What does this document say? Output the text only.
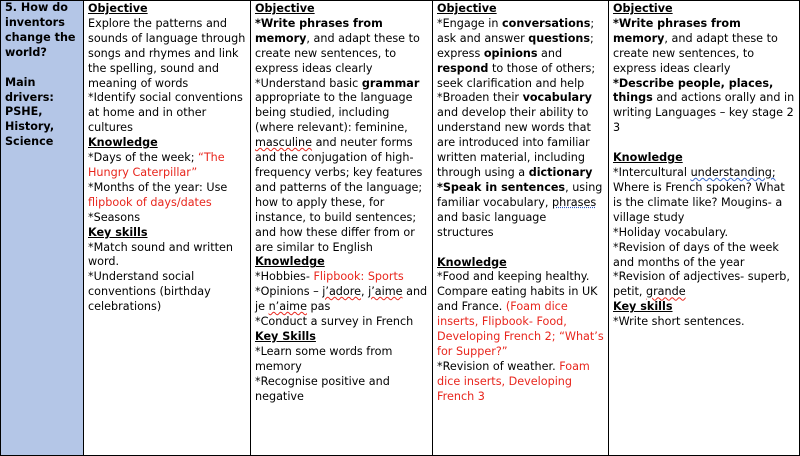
5. How do inventors change the world?
Main drivers: PSHE, History, Science
Objective
Explore the patterns and sounds of language through songs and rhymes and link the spelling, sound and meaning of words
*Identify social conventions at home and in other cultures
Knowledge
*Days of the week; “The Hungry Caterpillar”
*Months of the year: Use flipbook of days/dates
*Seasons
Key skills
*Match sound and written word.
*Understand social conventions (birthday celebrations)
Objective
*Write phrases from memory, and adapt these to create new sentences, to express ideas clearly
*Understand basic grammar appropriate to the language being studied, including (where relevant): feminine, masculine and neuter forms and the conjugation of high-frequency verbs; key features and patterns of the language; how to apply these, for instance, to build sentences; and how these differ from or are similar to English
Knowledge
*Hobbies- Flipbook: Sports
*Opinions – j’adore, j’aime and je n’aime pas
*Conduct a survey in French
Key Skills
*Learn some words from memory
*Recognise positive and negative
Objective
*Engage in conversations; ask and answer questions; express opinions and respond to those of others; seek clarification and help
*Broaden their vocabulary and develop their ability to understand new words that are introduced into familiar written material, including through using a dictionary
*Speak in sentences, using familiar vocabulary, phrases and basic language structures
Knowledge
*Food and keeping healthy. Compare eating habits in UK and France. (Foam dice inserts, Flipbook- Food, Developing French 2; “What’s for Supper?”
*Revision of weather. Foam dice inserts, Developing French 3
Objective
*Write phrases from memory, and adapt these to create new sentences, to express ideas clearly
*Describe people, places, things and actions orally and in writing Languages – key stage 2 3
Knowledge
*Intercultural understanding; Where is French spoken? What is the climate like? Mougins- a village study
*Holiday vocabulary.
*Revision of days of the week and months of the year
*Revision of adjectives- superb, petit, grande
Key skills
*Write short sentences.
